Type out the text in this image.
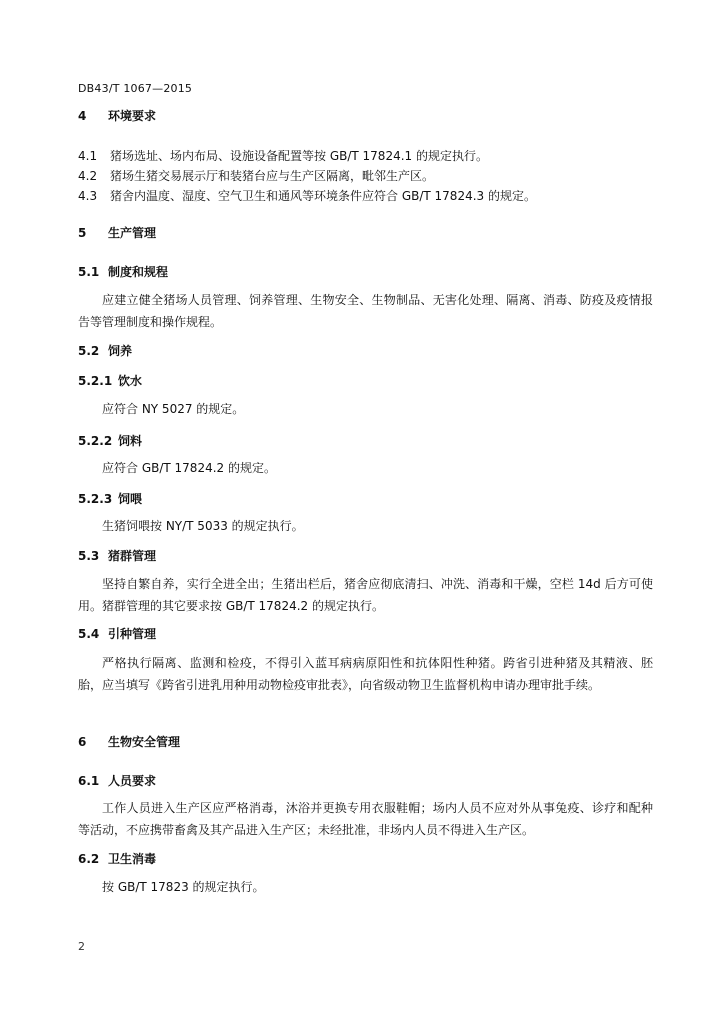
DB43/T 1067—2015
4 环境要求
4.1 猪场选址、场内布局、设施设备配置等按 GB/T 17824.1 的规定执行。
4.2 猪场生猪交易展示厅和装猪台应与生产区隔离，毗邻生产区。
4.3 猪舍内温度、湿度、空气卫生和通风等环境条件应符合 GB/T 17824.3 的规定。
5 生产管理
5.1 制度和规程
应建立健全猪场人员管理、饲养管理、生物安全、生物制品、无害化处理、隔离、消毒、防疫及疫情报告等管理制度和操作规程。
5.2 饲养
5.2.1 饮水
应符合 NY 5027 的规定。
5.2.2 饲料
应符合 GB/T 17824.2 的规定。
5.2.3 饲喂
生猪饲喂按 NY/T 5033 的规定执行。
5.3 猪群管理
坚持自繁自养，实行全进全出；生猪出栏后，猪舍应彻底清扫、冲洗、消毒和干燥，空栏 14d 后方可使用。猪群管理的其它要求按 GB/T 17824.2 的规定执行。
5.4 引种管理
严格执行隔离、监测和检疫，不得引入蓝耳病病原阳性和抗体阳性种猪。跨省引进种猪及其精液、胚胎，应当填写《跨省引进乳用种用动物检疫审批表》，向省级动物卫生监督机构申请办理审批手续。
6 生物安全管理
6.1 人员要求
工作人员进入生产区应严格消毒，沐浴并更换专用衣服鞋帽；场内人员不应对外从事兔疫、诊疗和配种等活动，不应携带畜禽及其产品进入生产区；未经批准，非场内人员不得进入生产区。
6.2 卫生消毒
按 GB/T 17823 的规定执行。
2
